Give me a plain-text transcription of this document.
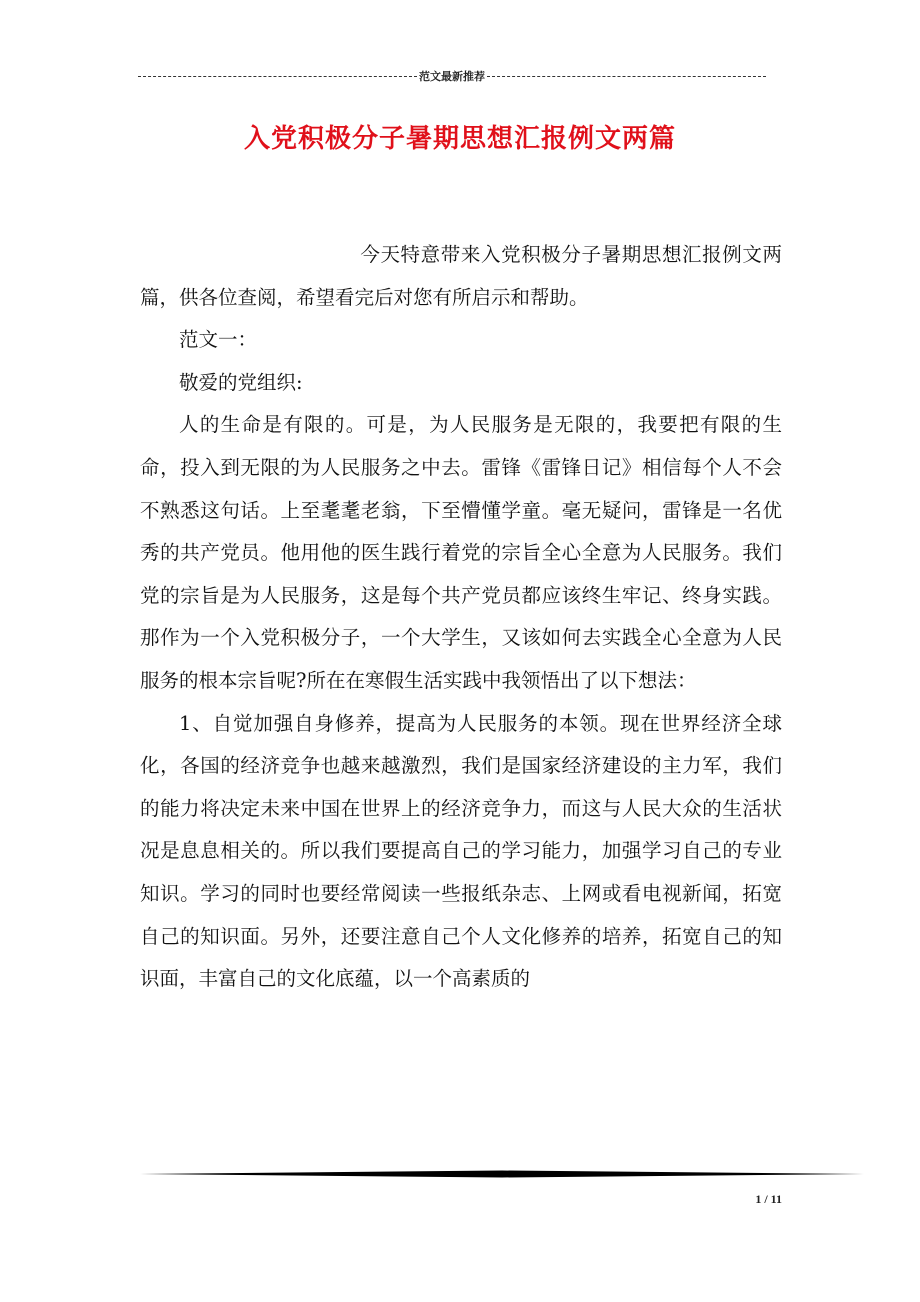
范文最新推荐
入党积极分子暑期思想汇报例文两篇

今天特意带来入党积极分子暑期思想汇报例文两篇，供各位查阅，希望看完后对您有所启示和帮助。

范文一：

敬爱的党组织:

人的生命是有限的。可是，为人民服务是无限的，我要把有限的生命，投入到无限的为人民服务之中去。雷锋《雷锋日记》相信每个人不会不熟悉这句话。上至耄耄老翁，下至懵懂学童。毫无疑问，雷锋是一名优秀的共产党员。他用他的医生践行着党的宗旨全心全意为人民服务。我们党的宗旨是为人民服务，这是每个共产党员都应该终生牢记、终身实践。那作为一个入党积极分子，一个大学生，又该如何去实践全心全意为人民服务的根本宗旨呢?所在在寒假生活实践中我领悟出了以下想法：

1、自觉加强自身修养，提高为人民服务的本领。现在世界经济全球化，各国的经济竞争也越来越激烈，我们是国家经济建设的主力军，我们的能力将决定未来中国在世界上的经济竞争力，而这与人民大众的生活状况是息息相关的。所以我们要提高自己的学习能力，加强学习自己的专业知识。学习的同时也要经常阅读一些报纸杂志、上网或看电视新闻，拓宽自己的知识面。另外，还要注意自己个人文化修养的培养，拓宽自己的知识面，丰富自己的文化底蕴，以一个高素质的

1 / 11
